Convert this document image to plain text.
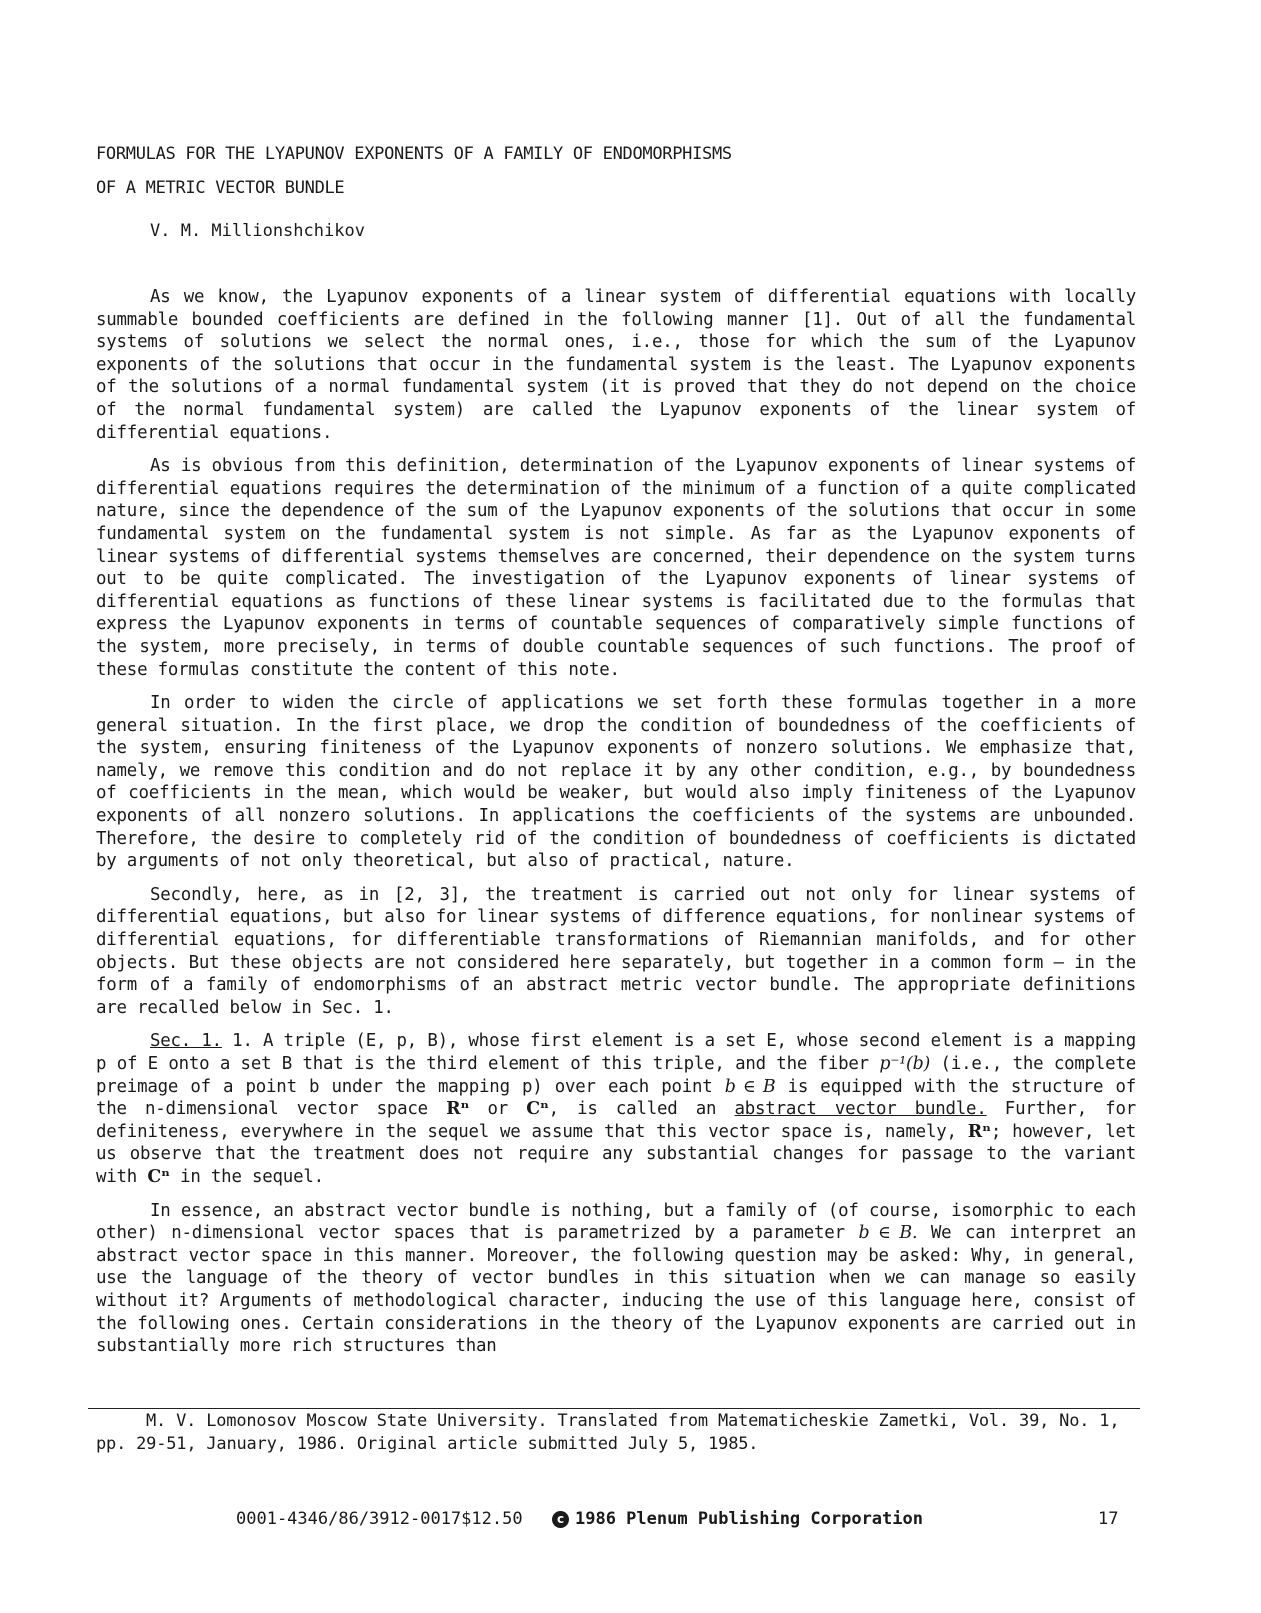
FORMULAS FOR THE LYAPUNOV EXPONENTS OF A FAMILY OF ENDOMORPHISMS
OF A METRIC VECTOR BUNDLE
V. M. Millionshchikov

As we know, the Lyapunov exponents of a linear system of differential equations with locally summable bounded coefficients are defined in the following manner [1]. Out of all the fundamental systems of solutions we select the normal ones, i.e., those for which the sum of the Lyapunov exponents of the solutions that occur in the fundamental system is the least. The Lyapunov exponents of the solutions of a normal fundamental system (it is proved that they do not depend on the choice of the normal fundamental system) are called the Lyapunov exponents of the linear system of differential equations.

As is obvious from this definition, determination of the Lyapunov exponents of linear systems of differential equations requires the determination of the minimum of a function of a quite complicated nature, since the dependence of the sum of the Lyapunov exponents of the solutions that occur in some fundamental system on the fundamental system is not simple. As far as the Lyapunov exponents of linear systems of differential systems themselves are concerned, their dependence on the system turns out to be quite complicated. The investigation of the Lyapunov exponents of linear systems of differential equations as functions of these linear systems is facilitated due to the formulas that express the Lyapunov exponents in terms of countable sequences of comparatively simple functions of the system, more precisely, in terms of double countable sequences of such functions. The proof of these formulas constitute the content of this note.

In order to widen the circle of applications we set forth these formulas together in a more general situation. In the first place, we drop the condition of boundedness of the coefficients of the system, ensuring finiteness of the Lyapunov exponents of nonzero solutions. We emphasize that, namely, we remove this condition and do not replace it by any other condition, e.g., by boundedness of coefficients in the mean, which would be weaker, but would also imply finiteness of the Lyapunov exponents of all nonzero solutions. In applications the coefficients of the systems are unbounded. Therefore, the desire to completely rid of the condition of boundedness of coefficients is dictated by arguments of not only theoretical, but also of practical, nature.

Secondly, here, as in [2, 3], the treatment is carried out not only for linear systems of differential equations, but also for linear systems of difference equations, for nonlinear systems of differential equations, for differentiable transformations of Riemannian manifolds, and for other objects. But these objects are not considered here separately, but together in a common form — in the form of a family of endomorphisms of an abstract metric vector bundle. The appropriate definitions are recalled below in Sec. 1.

Sec. 1. 1. A triple (E, p, B), whose first element is a set E, whose second element is a mapping p of E onto a set B that is the third element of this triple, and the fiber p⁻¹(b) (i.e., the complete preimage of a point b under the mapping p) over each point b ∈ B is equipped with the structure of the n-dimensional vector space Rⁿ or Cⁿ, is called an abstract vector bundle. Further, for definiteness, everywhere in the sequel we assume that this vector space is, namely, Rⁿ; however, let us observe that the treatment does not require any substantial changes for passage to the variant with Cⁿ in the sequel.

In essence, an abstract vector bundle is nothing, but a family of (of course, isomorphic to each other) n-dimensional vector spaces that is parametrized by a parameter b ∈ B. We can interpret an abstract vector space in this manner. Moreover, the following question may be asked: Why, in general, use the language of the theory of vector bundles in this situation when we can manage so easily without it? Arguments of methodological character, inducing the use of this language here, consist of the following ones. Certain considerations in the theory of the Lyapunov exponents are carried out in substantially more rich structures than

M. V. Lomonosov Moscow State University. Translated from Matematicheskie Zametki, Vol. 39, No. 1, pp. 29-51, January, 1986. Original article submitted July 5, 1985.
0001-4346/86/3912-0017$12.50	c 1986 Plenum Publishing Corporation	17
